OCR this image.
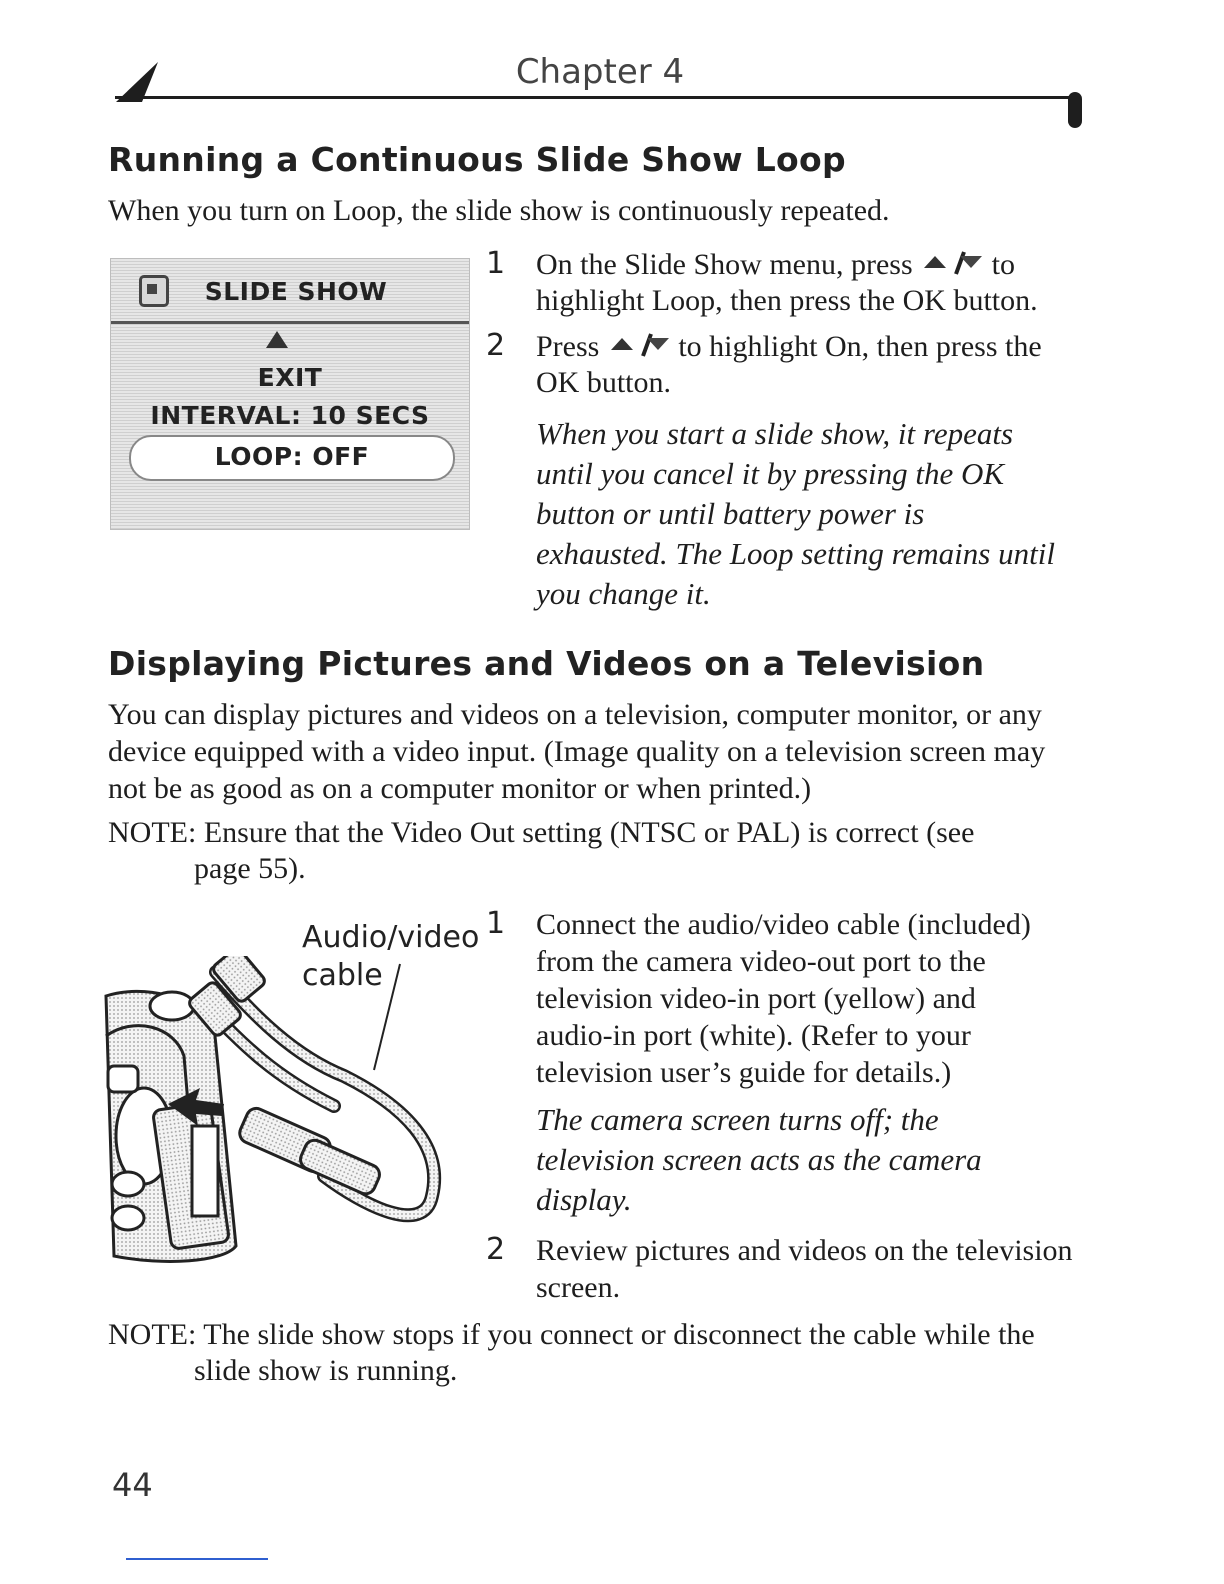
Chapter 4
Running a Continuous Slide Show Loop
When you turn on Loop, the slide show is continuously repeated.
SLIDE SHOW
EXIT
INTERVAL: 10 SECS
LOOP: OFF
1 On the Slide Show menu, press	to
highlight Loop, then press the OK button.
2 Press	to highlight On, then press the
OK button.
When you start a slide show, it repeats
until you cancel it by pressing the OK
button or until battery power is
exhausted. The Loop setting remains until
you change it.
Displaying Pictures and Videos on a Television
You can display pictures and videos on a television, computer monitor, or any
device equipped with a video input. (Image quality on a television screen may
not be as good as on a computer monitor or when printed.)
NOTE: Ensure that the Video Out setting (NTSC or PAL) is correct (see
page 55).
Audio/video
cable
1 Connect the audio/video cable (included)
from the camera video-out port to the
television video-in port (yellow) and
audio-in port (white). (Refer to your
television user’s guide for details.)
The camera screen turns off; the
television screen acts as the camera
display.
2 Review pictures and videos on the television
screen.
NOTE: The slide show stops if you connect or disconnect the cable while the
slide show is running.
44
